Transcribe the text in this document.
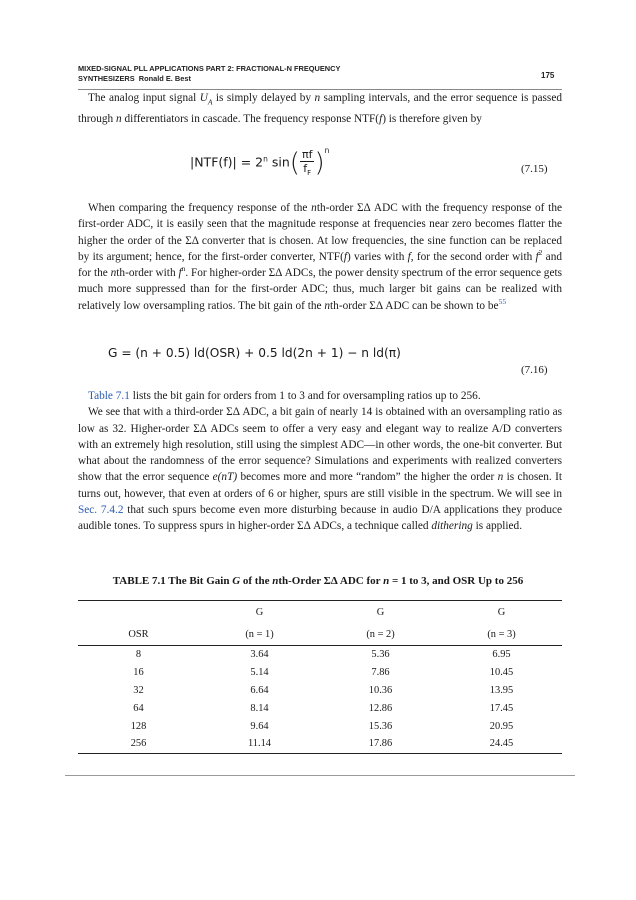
MIXED-SIGNAL PLL APPLICATIONS PART 2: FRACTIONAL-N FREQUENCY
SYNTHESIZERS Ronald E. Best	175

The analog input signal $U_A$ is simply delayed by n sampling intervals, and the error sequence is passed through n differentiators in cascade. The frequency response NTF(f) is therefore given by

$|NTF(f)| = 2^n$ $\sin( \frac{\pi f}{f_F} )^n$
(7.15)

When comparing the frequency response of the nth-order ΣΔ ADC with the frequency response of the first-order ADC, it is easily seen that the magnitude response at frequencies near zero becomes flatter the higher the order of the ΣΔ converter that is chosen. At low frequencies, the sine function can be replaced by its argument; hence, for the first-order converter, NTF(f) varies with f, for the second order with $f^2$ and for the nth-order with $f^n$. For higher-order ΣΔ ADCs, the power density spectrum of the error sequence gets much more suppressed than for the first-order ADC; thus, much larger bit gains can be realized with relatively low oversampling ratios. The bit gain of the nth-order ΣΔ ADC can be shown to $be^{55}$

G = (n + 0.5) ld(OSR) + 0.5 ld(2n + 1) − n ld(π)
(7.16)

Table 7.1 lists the bit gain for orders from 1 to 3 and for oversampling ratios up to 256.

We see that with a third-order ΣΔ ADC, a bit gain of nearly 14 is obtained with an oversampling ratio as low as 32. Higher-order ΣΔ ADCs seem to offer a very easy and elegant way to realize A/D converters with an extremely high resolution, still using the simplest ADC—in other words, the one-bit converter. But what about the randomness of the error sequence? Simulations and experiments with realized converters show that the error sequence e(nT) becomes more and more “random” the higher the order n is chosen. It turns out, however, that even at orders of 6 or higher, spurs are still visible in the spectrum. We will see in Sec. 7.4.2 that such spurs become even more disturbing because in audio D/A applications they produce audible tones. To suppress spurs in higher-order ΣΔ ADCs, a technique called dithering is applied.

TABLE 7.1 The Bit Gain G of the nth-Order ΣΔ ADC for n = 1 to 3, and OSR Up to 256
	G	G	G
OSR	(n = 1)	(n = 2)	(n = 3)
8	3.64	5.36	6.95
16	5.14	7.86	10.45
32	6.64	10.36	13.95
64	8.14	12.86	17.45
128	9.64	15.36	20.95
256	11.14	17.86	24.45
